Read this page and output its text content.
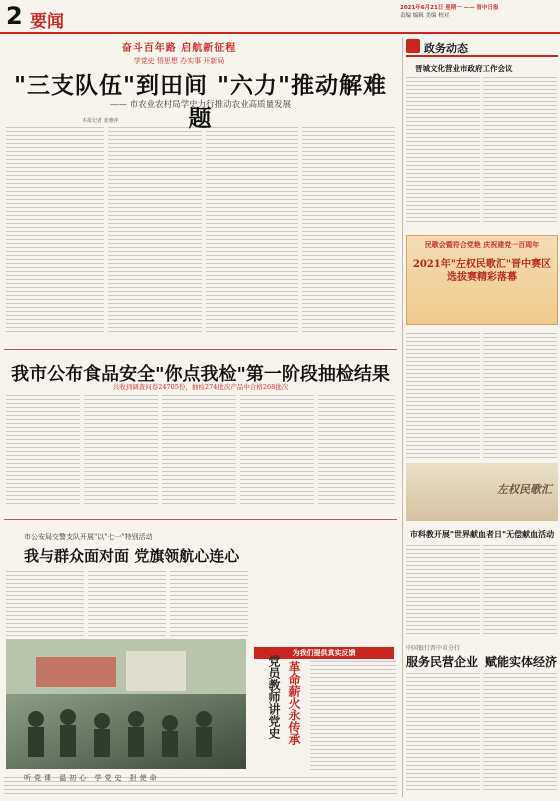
2 要闻
2021年6月21日 星期一 —— 晋中日报
责编 编辑 美编 校对
奋斗百年路 启航新征程
学党史 悟思想 办实事 开新局
"三支队伍"到田间 "六力"推动解难题
—— 市农业农村局学史力行推动农业高质量发展
本报记者 张雅萍
我市公布食品安全"你点我检"第一阶段抽检结果
共收到调查问卷24705份，抽检274批次产品中合格268批次
市公安局交警支队开展"以"七一"特别活动
我与群众面对面 党旗领航心连心
为我们提供真实反馈
党员教师讲党史 革命薪火永传承
听党课 温初心 学党史 担使命
政务动态
晋城文化营业市政府工作会议
民歌会暨符合党艳 庆祝建党一百周年
2021年"左权民歌汇"晋中赛区选拔赛精彩落幕
左权民歌汇
市科教开展"世界献血者日"无偿献血活动
中国银行晋中市分行
服务民营企业 赋能实体经济
